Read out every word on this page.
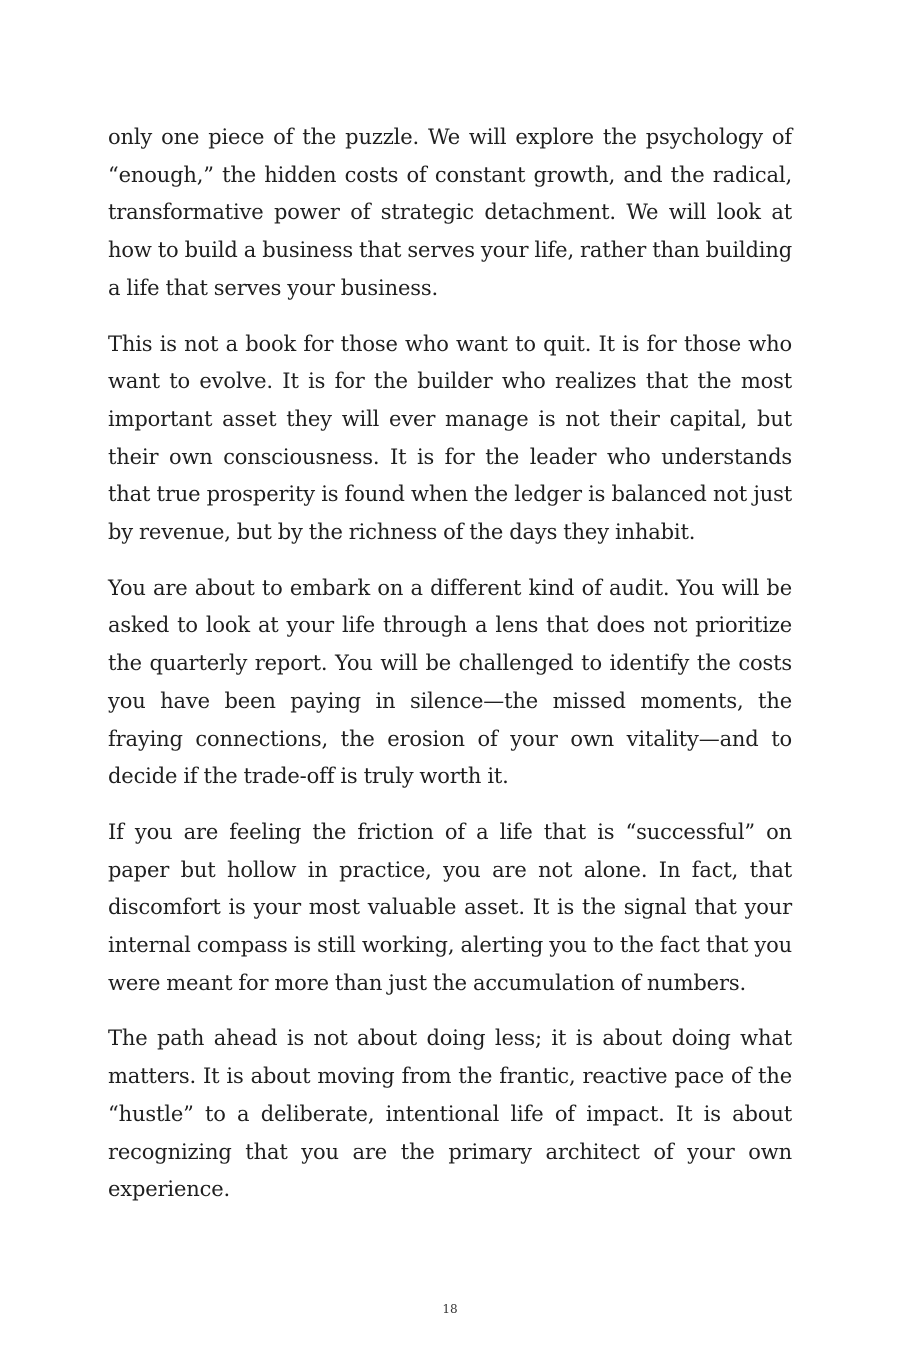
only one piece of the puzzle. We will explore the psychology of “enough,” the hidden costs of constant growth, and the radical, transformative power of strategic detachment. We will look at how to build a business that serves your life, rather than building a life that serves your business.

This is not a book for those who want to quit. It is for those who want to evolve. It is for the builder who realizes that the most important asset they will ever manage is not their capital, but their own consciousness. It is for the leader who understands that true prosperity is found when the ledger is balanced not just by revenue, but by the richness of the days they inhabit.

You are about to embark on a different kind of audit. You will be asked to look at your life through a lens that does not prioritize the quarterly report. You will be challenged to identify the costs you have been paying in silence—the missed moments, the fraying connections, the erosion of your own vitality—and to decide if the trade-off is truly worth it.

If you are feeling the friction of a life that is “successful” on paper but hollow in practice, you are not alone. In fact, that discomfort is your most valuable asset. It is the signal that your internal compass is still working, alerting you to the fact that you were meant for more than just the accumulation of numbers.

The path ahead is not about doing less; it is about doing what matters. It is about moving from the frantic, reactive pace of the “hustle” to a deliberate, intentional life of impact. It is about recognizing that you are the primary architect of your own experience.

18
